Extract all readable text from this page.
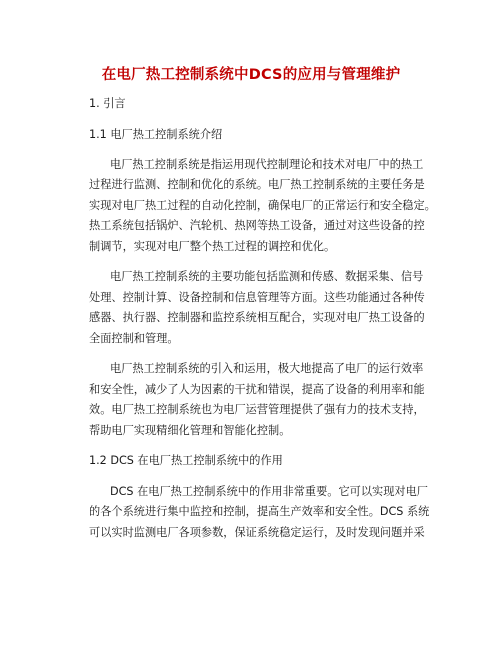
在电厂热工控制系统中DCS的应用与管理维护
1. 引言
1.1 电厂热工控制系统介绍
电厂热工控制系统是指运用现代控制理论和技术对电厂中的热工
过程进行监测、控制和优化的系统。电厂热工控制系统的主要任务是
实现对电厂热工过程的自动化控制，确保电厂的正常运行和安全稳定。
热工系统包括锅炉、汽轮机、热网等热工设备，通过对这些设备的控
制调节，实现对电厂整个热工过程的调控和优化。
电厂热工控制系统的主要功能包括监测和传感、数据采集、信号
处理、控制计算、设备控制和信息管理等方面。这些功能通过各种传
感器、执行器、控制器和监控系统相互配合，实现对电厂热工设备的
全面控制和管理。
电厂热工控制系统的引入和运用，极大地提高了电厂的运行效率
和安全性，减少了人为因素的干扰和错误，提高了设备的利用率和能
效。电厂热工控制系统也为电厂运营管理提供了强有力的技术支持，
帮助电厂实现精细化管理和智能化控制。
1.2 DCS 在电厂热工控制系统中的作用
DCS 在电厂热工控制系统中的作用非常重要。它可以实现对电厂
的各个系统进行集中监控和控制，提高生产效率和安全性。DCS 系统
可以实时监测电厂各项参数，保证系统稳定运行，及时发现问题并采
